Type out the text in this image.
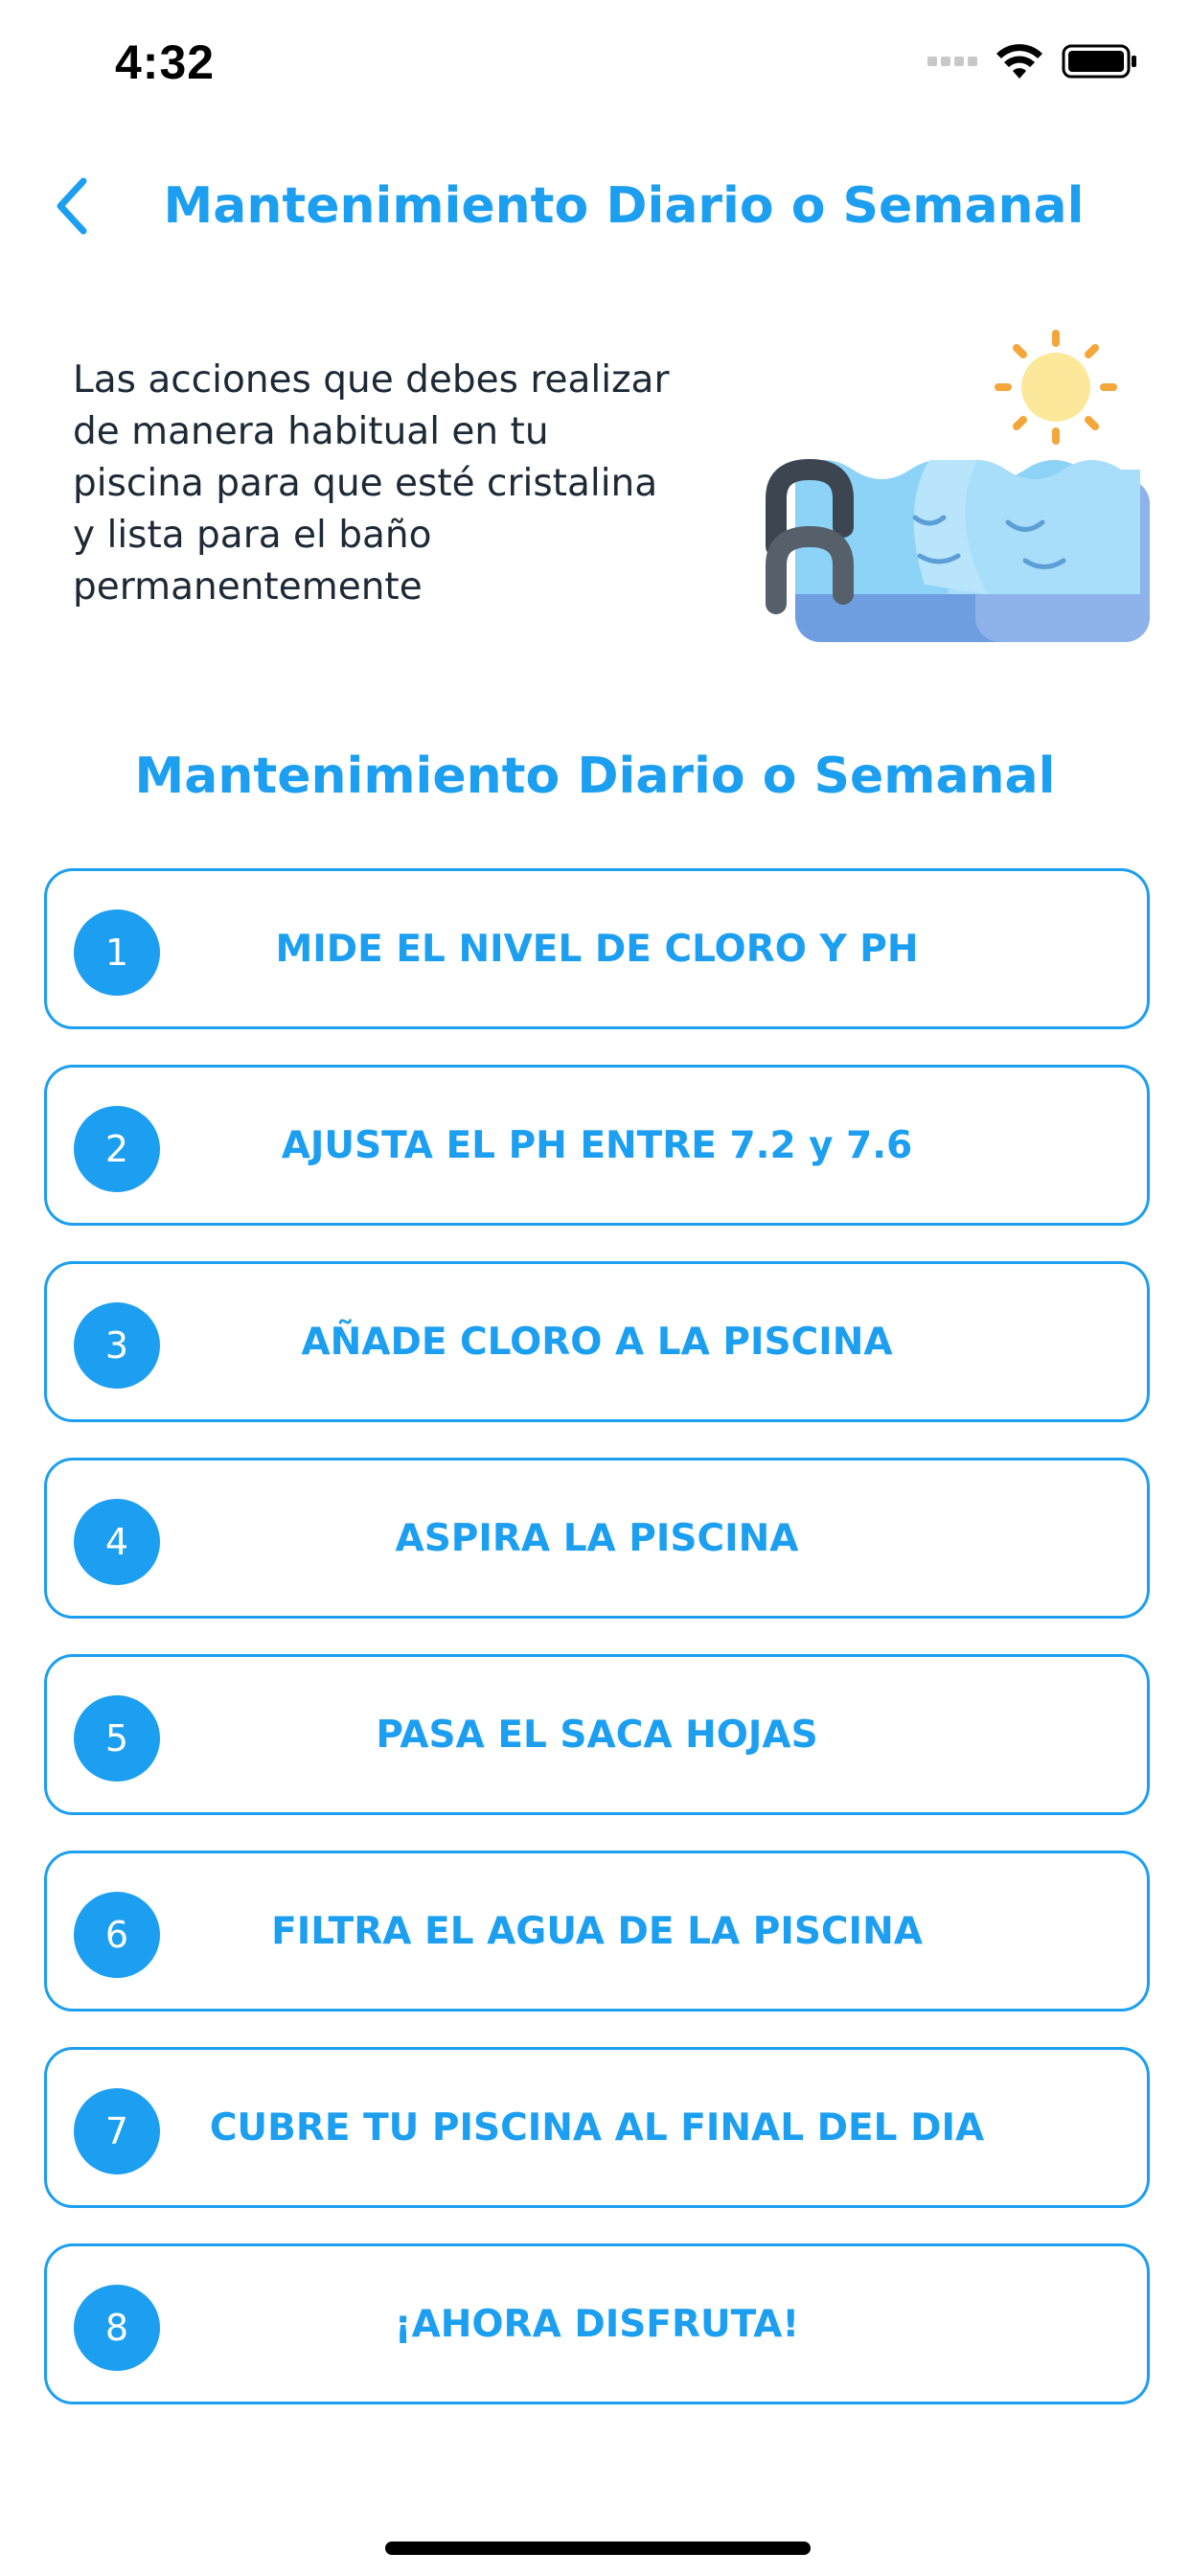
4:32
Mantenimiento Diario o Semanal
Las acciones que debes realizar de manera habitual en tu piscina para que esté cristalina y lista para el baño permanentemente
Mantenimiento Diario o Semanal
1	MIDE EL NIVEL DE CLORO Y PH
2	AJUSTA EL PH ENTRE 7.2 y 7.6
3	AÑADE CLORO A LA PISCINA
4	ASPIRA LA PISCINA
5	PASA EL SACA HOJAS
6	FILTRA EL AGUA DE LA PISCINA
7	CUBRE TU PISCINA AL FINAL DEL DIA
8	¡AHORA DISFRUTA!
